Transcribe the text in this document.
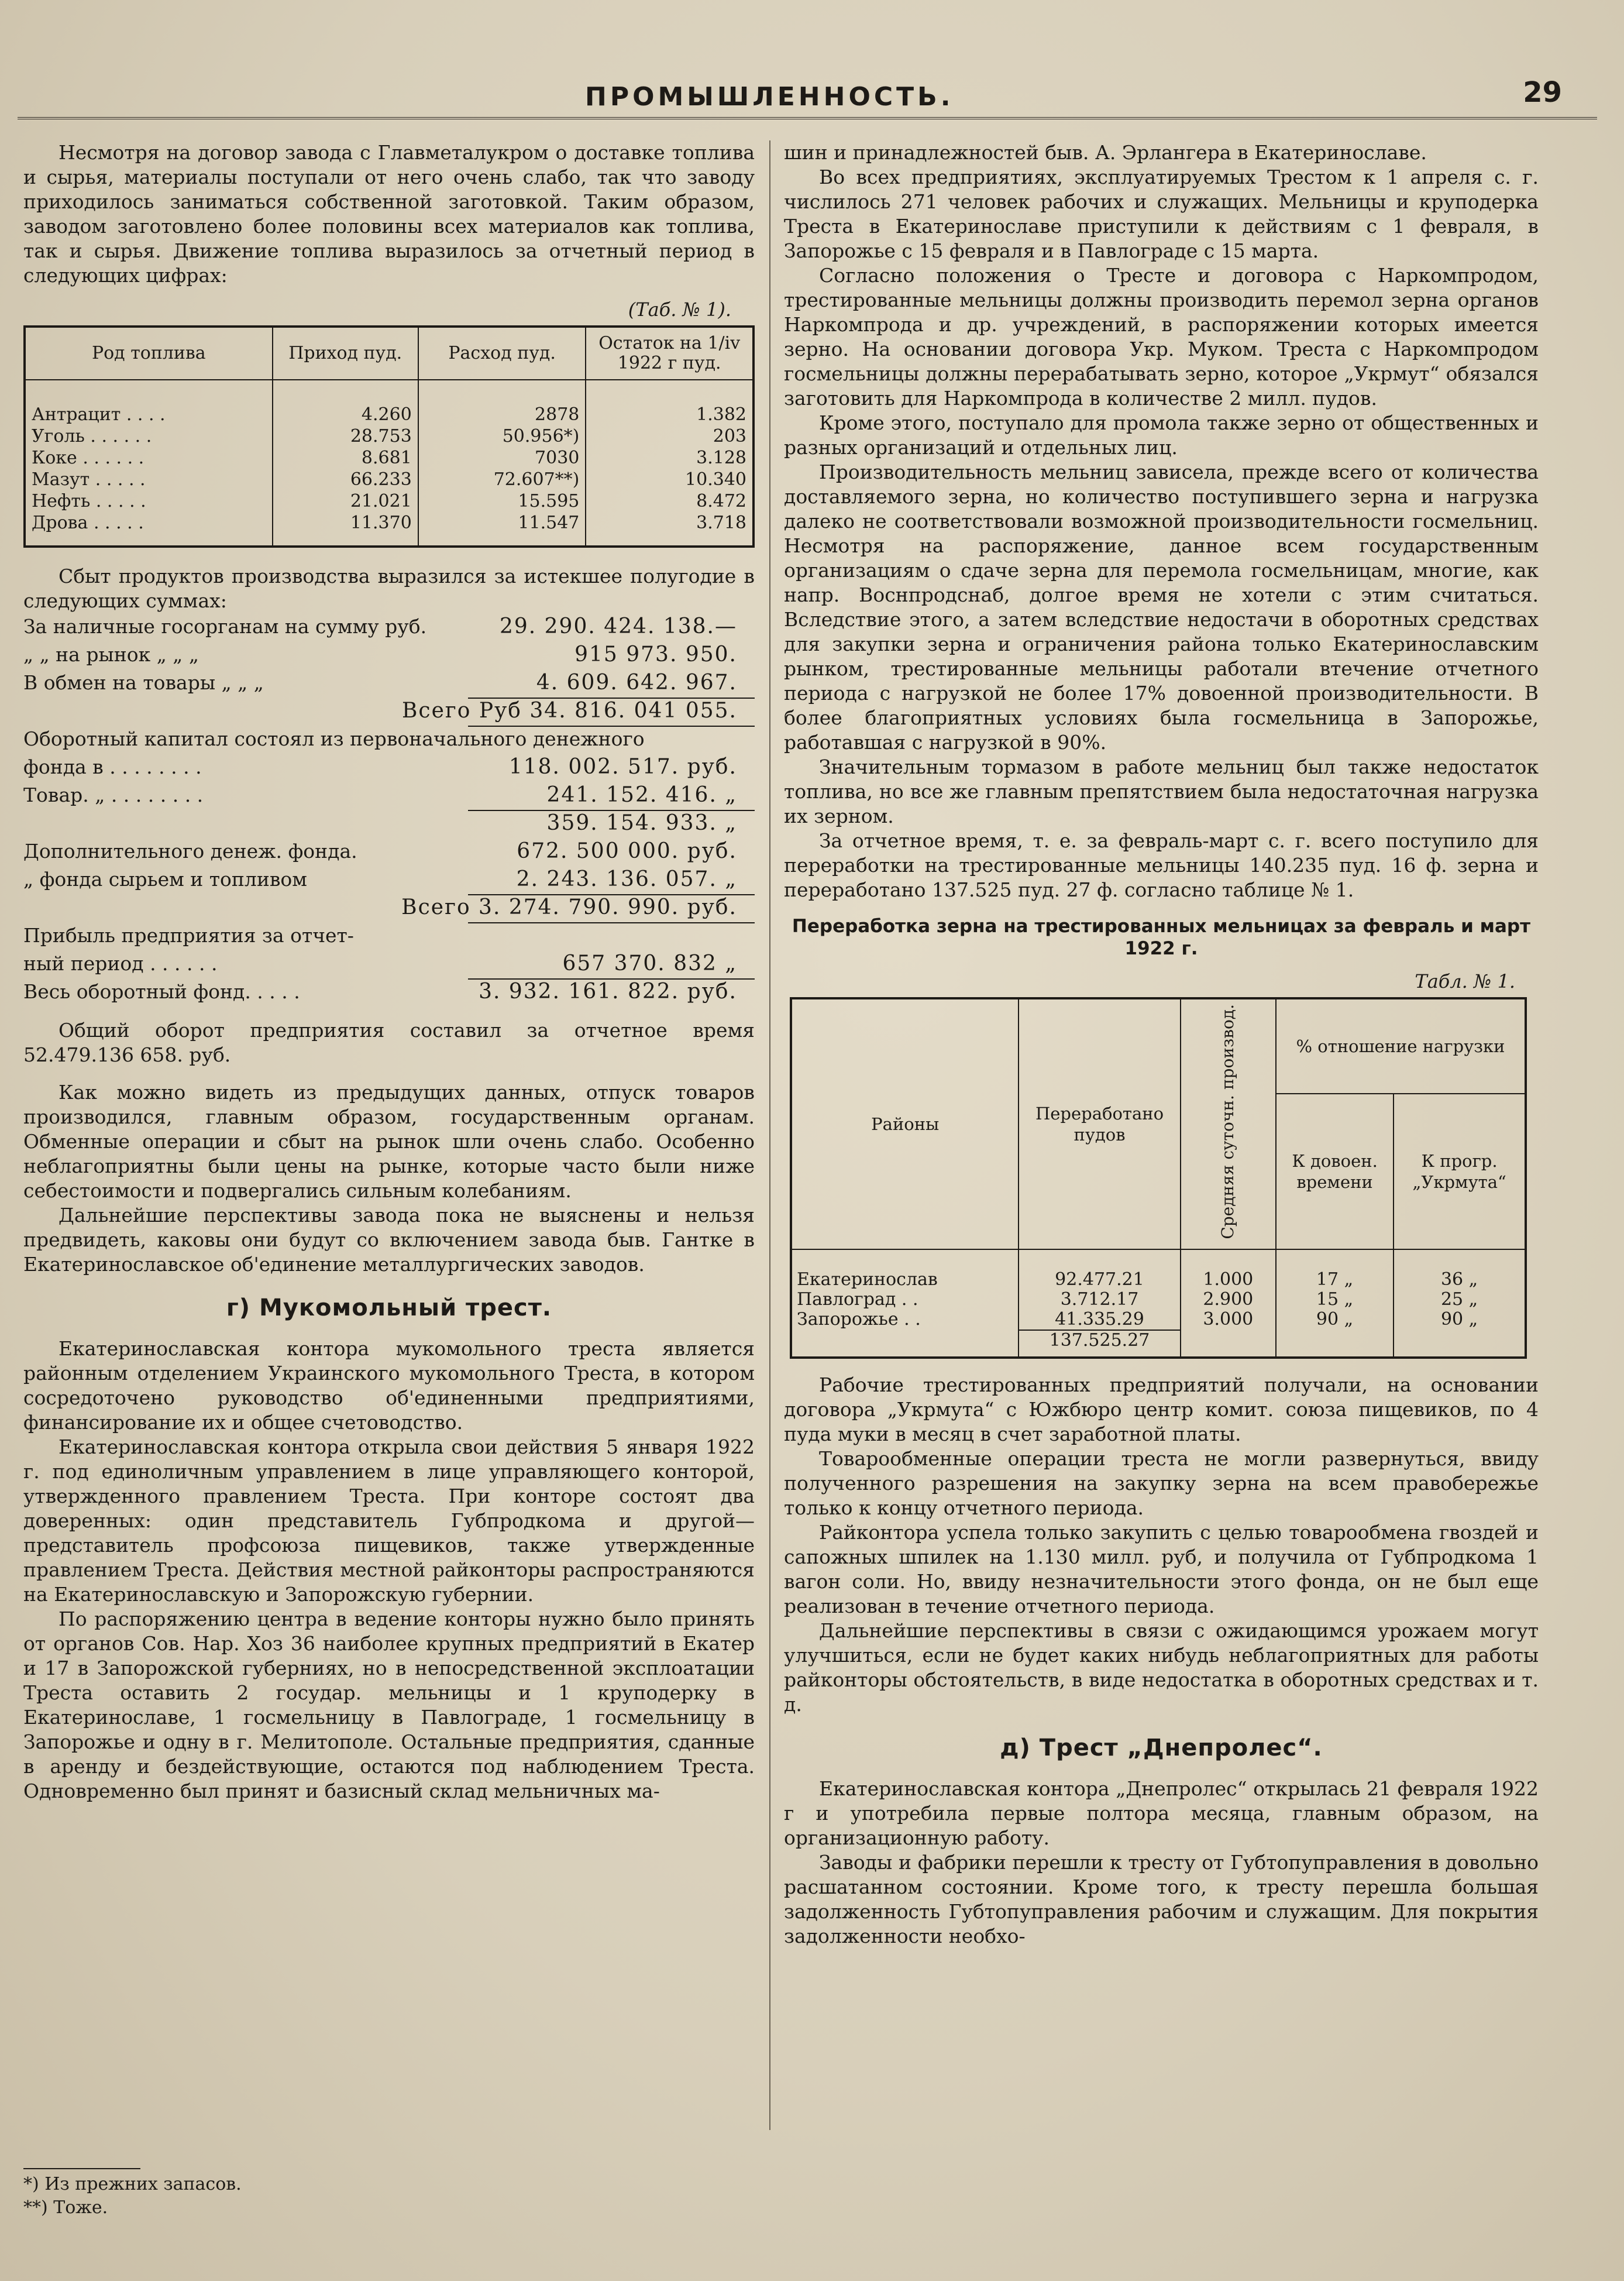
ПРОМЫШЛЕННОСТЬ.	29

Несмотря на договор завода с Главметалукром о доставке топлива и сырья, материалы поступали от него очень слабо, так что заводу приходилось заниматься собственной заготовкой. Таким образом, заводом заготовлено более половины всех материалов как топлива, так и сырья. Движение топлива выразилось за отчетный период в следующих цифрах:

(Таб. № 1).
Род топлива	Приход пуд.	Расход пуд.	Остаток на 1/iv 1922 г пуд.
Антрацит . . . .	4.260	2878	1.382
Уголь . . . . . .	28.753	50.956*)	203
Коке . . . . . .	8.681	7030	3.128
Мазут . . . . .	66.233	72.607**)	10.340
Нефть . . . . .	21.021	15.595	8.472
Дрова . . . . .	11.370	11.547	3.718

Сбыт продуктов производства выразился за истекшее полугодие в следующих суммах:

За наличные госорганам на сумму руб.	29. 290. 424. 138.—
„ „ на рынок „ „ „	915 973. 950.
В обмен на товары „ „ „	4. 609. 642. 967.
Всего Руб 34. 816. 041 055.
Оборотный капитал состоял из первоначального денежного
фонда в . . . . . . . .	118. 002. 517. руб.
Товар. „ . . . . . . . .	241. 152. 416. „
359. 154. 933. „
Дополнительного денеж. фонда.	672. 500 000. руб.
„ фонда сырьем и топливом	2. 243. 136. 057. „
Всего 3. 274. 790. 990. руб.
Прибыль предприятия за отчет-
ный период . . . . . .	657 370. 832 „
Весь оборотный фонд. . . . .	3. 932. 161. 822. руб.

Общий оборот предприятия составил за отчетное время 52.479.136 658. руб.

Как можно видеть из предыдущих данных, отпуск товаров производился, главным образом, государственным органам. Обменные операции и сбыт на рынок шли очень слабо. Особенно неблагоприятны были цены на рынке, которые часто были ниже себестоимости и подвергались сильным колебаниям.

Дальнейшие перспективы завода пока не выяснены и нельзя предвидеть, каковы они будут со включением завода быв. Гантке в Екатеринославское об'единение металлургических заводов.

г) Мукомольный трест.

Екатеринославская контора мукомольного треста является районным отделением Украинского мукомольного Треста, в котором сосредоточено руководство об'единенными предприятиями, финансирование их и общее счетоводство.

Екатеринославская контора открыла свои действия 5 января 1922 г. под единоличным управлением в лице управляющего конторой, утвержденного правлением Треста. При конторе состоят два доверенных: один представитель Губпродкома и другой—представитель профсоюза пищевиков, также утвержденные правлением Треста. Действия местной райконторы распространяются на Екатеринославскую и Запорожскую губернии.

По распоряжению центра в ведение конторы нужно было принять от органов Сов. Нар. Хоз 36 наиболее крупных предприятий в Екатер и 17 в Запорожской губерниях, но в непосредственной эксплоатации Треста оставить 2 государ. мельницы и 1 круподерку в Екатеринославе, 1 госмельницу в Павлограде, 1 госмельницу в Запорожье и одну в г. Мелитополе. Остальные предприятия, сданные в аренду и бездействующие, остаются под наблюдением Треста. Одновременно был принят и базисный склад мельничных ма-

*) Из прежних запасов.
**) Тоже.

шин и принадлежностей быв. А. Эрлангера в Екатеринославе.

Во всех предприятиях, эксплуатируемых Трестом к 1 апреля с. г. числилось 271 человек рабочих и служащих. Мельницы и круподерка Треста в Екатеринославе приступили к действиям с 1 февраля, в Запорожье с 15 февраля и в Павлограде с 15 марта.

Согласно положения о Тресте и договора с Наркомпродом, трестированные мельницы должны производить перемол зерна органов Наркомпрода и др. учреждений, в распоряжении которых имеется зерно. На основании договора Укр. Муком. Треста с Наркомпродом госмельницы должны перерабатывать зерно, которое „Укрмут“ обязался заготовить для Наркомпрода в количестве 2 милл. пудов.

Кроме этого, поступало для промола также зерно от общественных и разных организаций и отдельных лиц.

Производительность мельниц зависела, прежде всего от количества доставляемого зерна, но количество поступившего зерна и нагрузка далеко не соответствовали возможной производительности госмельниц. Несмотря на распоряжение, данное всем государственным организациям о сдаче зерна для перемола госмельницам, многие, как напр. Воснпродснаб, долгое время не хотели с этим считаться. Вследствие этого, а затем вследствие недостачи в оборотных средствах для закупки зерна и ограничения района только Екатеринославским рынком, трестированные мельницы работали втечение отчетного периода с нагрузкой не более 17% довоенной производительности. В более благоприятных условиях была госмельница в Запорожье, работавшая с нагрузкой в 90%.

Значительным тормазом в работе мельниц был также недостаток топлива, но все же главным препятствием была недостаточная нагрузка их зерном.

За отчетное время, т. е. за февраль-март с. г. всего поступило для переработки на трестированные мельницы 140.235 пуд. 16 ф. зерна и переработано 137.525 пуд. 27 ф. согласно таблице № 1.

Переработка зерна на трестированных мельницах за февраль и март 1922 г.
Табл. № 1.
Районы	Переработано пудов	Средняя суточн. производ.	% отношение нагрузки	
			К довоен. времени	К прогр. „Укрмута“
Екатеринослав	92.477.21	1.000	17 „	36 „
Павлоград . .	3.712.17	2.900	15 „	25 „
Запорожье . .	41.335.29	3.000	90 „	90 „
	137.525.27			

Рабочие трестированных предприятий получали, на основании договора „Укрмута“ с Южбюро центр комит. союза пищевиков, по 4 пуда муки в месяц в счет заработной платы.

Товарообменные операции треста не могли развернуться, ввиду полученного разрешения на закупку зерна на всем правобережье только к концу отчетного периода.

Райконтора успела только закупить с целью товарообмена гвоздей и сапожных шпилек на 1.130 милл. руб, и получила от Губпродкома 1 вагон соли. Но, ввиду незначительности этого фонда, он не был еще реализован в течение отчетного периода.

Дальнейшие перспективы в связи с ожидающимся урожаем могут улучшиться, если не будет каких нибудь неблагоприятных для работы райконторы обстоятельств, в виде недостатка в оборотных средствах и т. д.

д) Трест „Днепролес“.

Екатеринославская контора „Днепролес“ открылась 21 февраля 1922 г и употребила первые полтора месяца, главным образом, на организационную работу.

Заводы и фабрики перешли к тресту от Губтопуправления в довольно расшатанном состоянии. Кроме того, к тресту перешла большая задолженность Губтопуправления рабочим и служащим. Для покрытия задолженности необхо-
